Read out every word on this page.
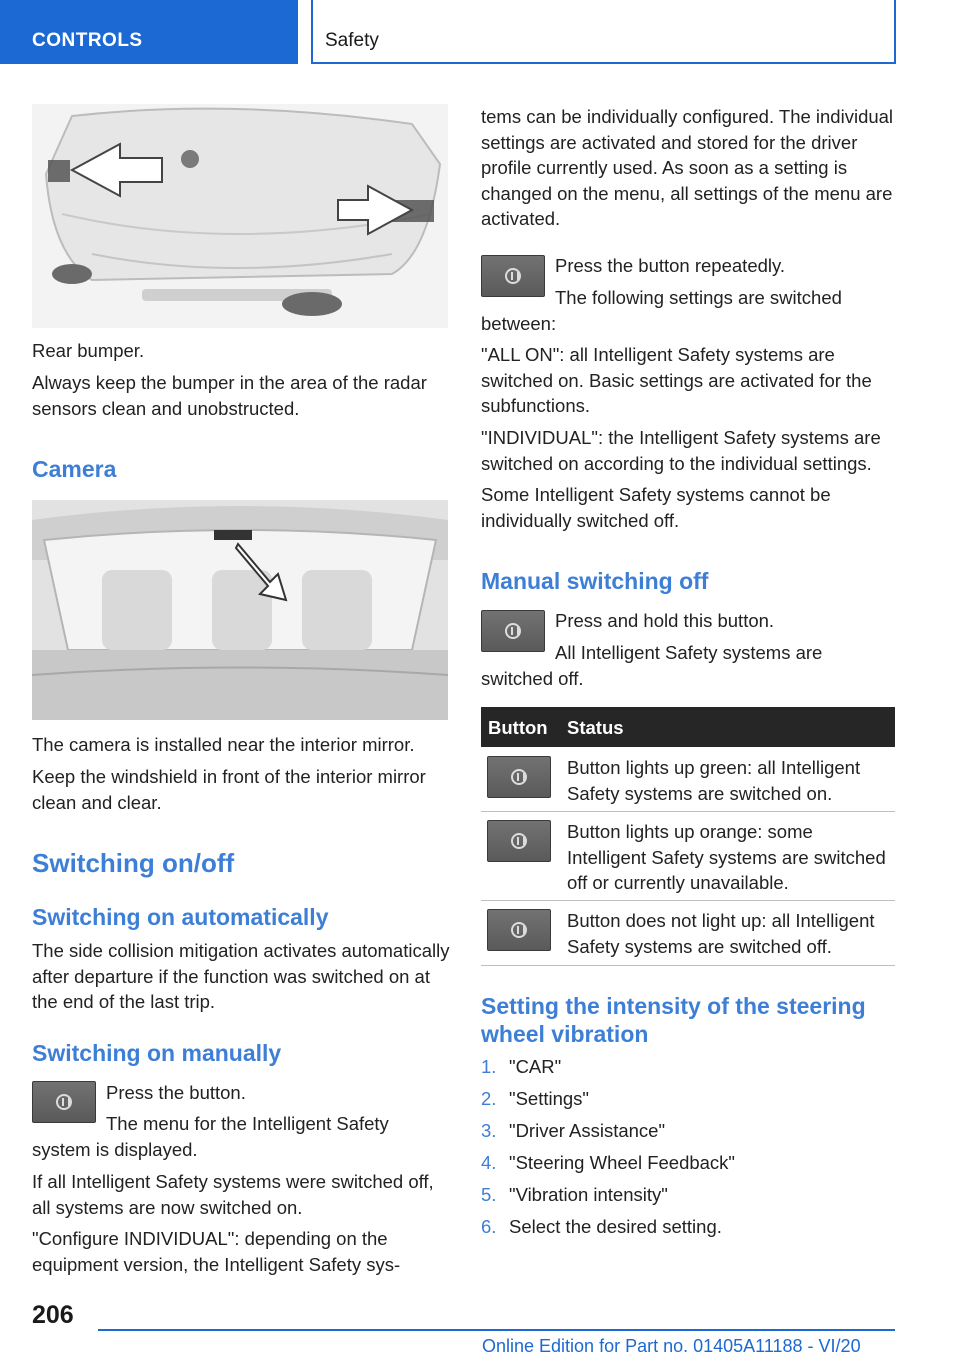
CONTROLS	Safety
Rear bumper.
Always keep the bumper in the area of the radar sensors clean and unobstructed.
Camera
The camera is installed near the interior mirror.
Keep the windshield in front of the interior mirror clean and clear.
Switching on/off
Switching on automatically
The side collision mitigation activates automatically after departure if the function was switched on at the end of the last trip.
Switching on manually
Press the button.
The menu for the Intelligent Safety system is displayed.
If all Intelligent Safety systems were switched off, all systems are now switched on.
"Configure INDIVIDUAL": depending on the equipment version, the Intelligent Safety sys-
tems can be individually configured. The individual settings are activated and stored for the driver profile currently used. As soon as a setting is changed on the menu, all settings of the menu are activated.
Press the button repeatedly.
The following settings are switched between:
"ALL ON": all Intelligent Safety systems are switched on. Basic settings are activated for the subfunctions.
"INDIVIDUAL": the Intelligent Safety systems are switched on according to the individual settings.
Some Intelligent Safety systems cannot be individually switched off.
Manual switching off
Press and hold this button.
All Intelligent Safety systems are switched off.
Button Status
Button lights up green: all Intelligent Safety systems are switched on.
Button lights up orange: some Intelligent Safety systems are switched off or currently unavailable.
Button does not light up: all Intelligent Safety systems are switched off.
Setting the intensity of the steering wheel vibration
1. "CAR"
2. "Settings"
3. "Driver Assistance"
4. "Steering Wheel Feedback"
5. "Vibration intensity"
6. Select the desired setting.
206
Online Edition for Part no. 01405A11188 - VI/20
